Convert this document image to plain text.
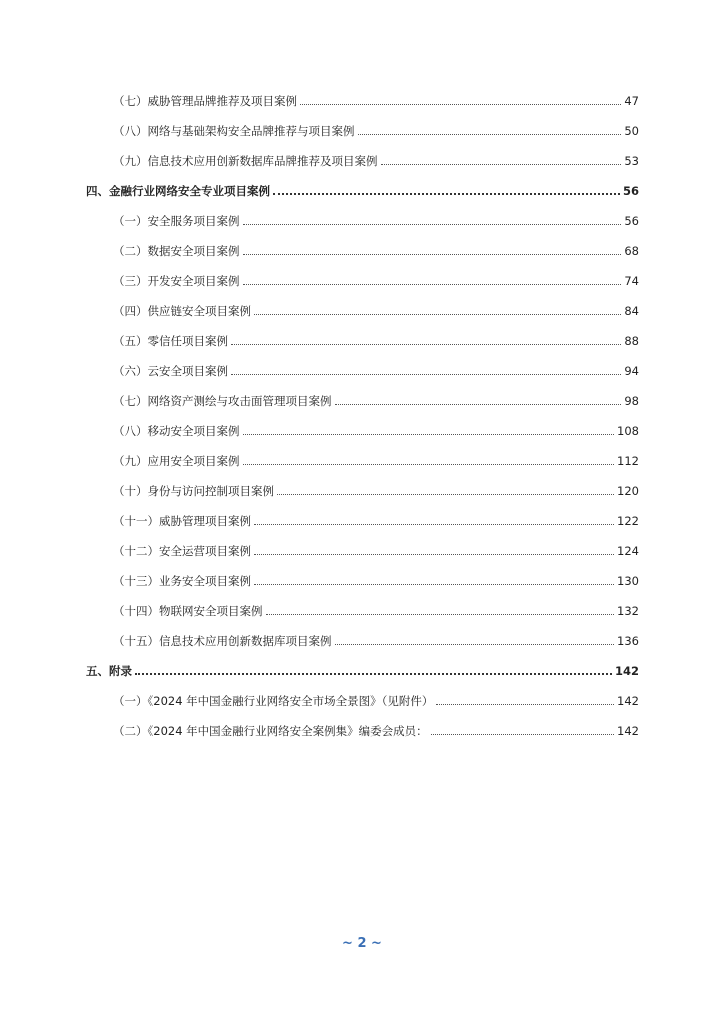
（七）威胁管理品牌推荐及项目案例	47
（八）网络与基础架构安全品牌推荐与项目案例	50
（九）信息技术应用创新数据库品牌推荐及项目案例	53
四、金融行业网络安全专业项目案例	56
（一）安全服务项目案例	56
（二）数据安全项目案例	68
（三）开发安全项目案例	74
（四）供应链安全项目案例	84
（五）零信任项目案例	88
（六）云安全项目案例	94
（七）网络资产测绘与攻击面管理项目案例	98
（八）移动安全项目案例	108
（九）应用安全项目案例	112
（十）身份与访问控制项目案例	120
（十一）威胁管理项目案例	122
（十二）安全运营项目案例	124
（十三）业务安全项目案例	130
（十四）物联网安全项目案例	132
（十五）信息技术应用创新数据库项目案例	136
五、附录	142
（一）《2024 年中国金融行业网络安全市场全景图》（见附件）	142
（二）《2024 年中国金融行业网络安全案例集》编委会成员：	142
~ 2 ~
